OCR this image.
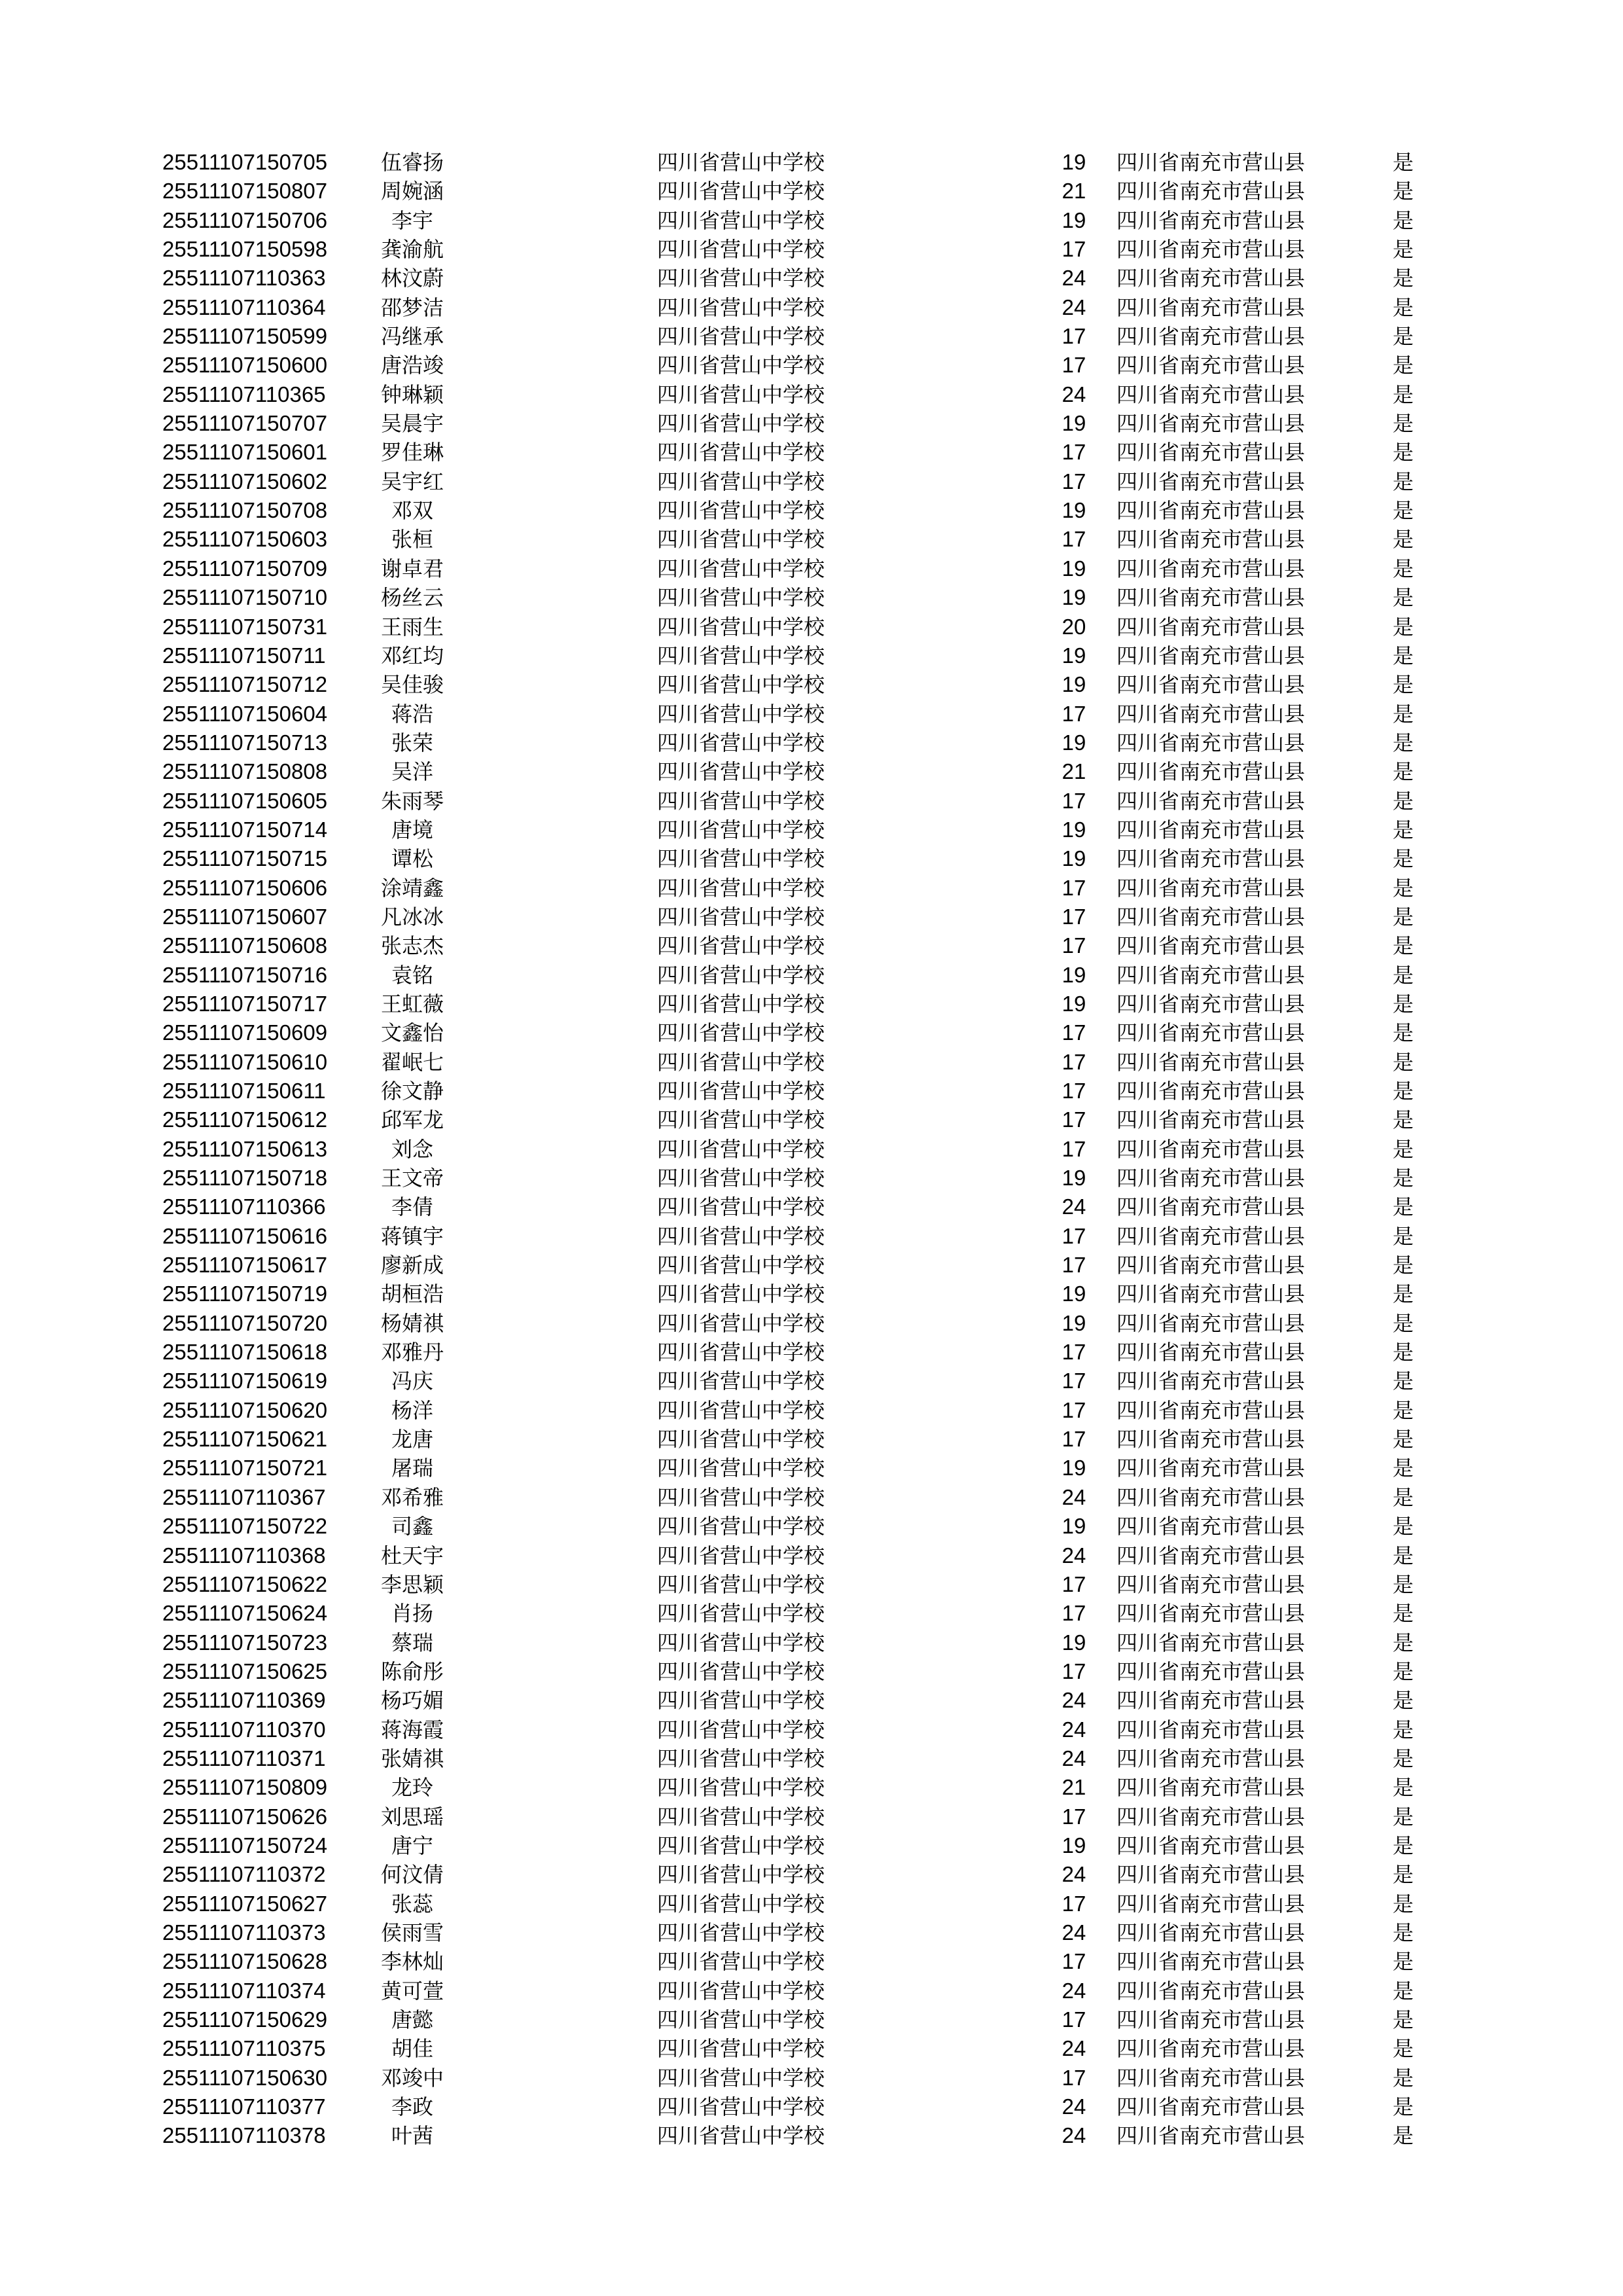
25511107150705	伍睿扬	四川省营山中学校	19	四川省南充市营山县	是
25511107150807	周婉涵	四川省营山中学校	21	四川省南充市营山县	是
25511107150706	李宇	四川省营山中学校	19	四川省南充市营山县	是
25511107150598	龚渝航	四川省营山中学校	17	四川省南充市营山县	是
25511107110363	林汶蔚	四川省营山中学校	24	四川省南充市营山县	是
25511107110364	邵梦洁	四川省营山中学校	24	四川省南充市营山县	是
25511107150599	冯继承	四川省营山中学校	17	四川省南充市营山县	是
25511107150600	唐浩竣	四川省营山中学校	17	四川省南充市营山县	是
25511107110365	钟琳颖	四川省营山中学校	24	四川省南充市营山县	是
25511107150707	吴晨宇	四川省营山中学校	19	四川省南充市营山县	是
25511107150601	罗佳琳	四川省营山中学校	17	四川省南充市营山县	是
25511107150602	吴宇红	四川省营山中学校	17	四川省南充市营山县	是
25511107150708	邓双	四川省营山中学校	19	四川省南充市营山县	是
25511107150603	张桓	四川省营山中学校	17	四川省南充市营山县	是
25511107150709	谢卓君	四川省营山中学校	19	四川省南充市营山县	是
25511107150710	杨丝云	四川省营山中学校	19	四川省南充市营山县	是
25511107150731	王雨生	四川省营山中学校	20	四川省南充市营山县	是
25511107150711	邓红均	四川省营山中学校	19	四川省南充市营山县	是
25511107150712	吴佳骏	四川省营山中学校	19	四川省南充市营山县	是
25511107150604	蒋浩	四川省营山中学校	17	四川省南充市营山县	是
25511107150713	张荣	四川省营山中学校	19	四川省南充市营山县	是
25511107150808	吴洋	四川省营山中学校	21	四川省南充市营山县	是
25511107150605	朱雨琴	四川省营山中学校	17	四川省南充市营山县	是
25511107150714	唐境	四川省营山中学校	19	四川省南充市营山县	是
25511107150715	谭松	四川省营山中学校	19	四川省南充市营山县	是
25511107150606	涂靖鑫	四川省营山中学校	17	四川省南充市营山县	是
25511107150607	凡冰冰	四川省营山中学校	17	四川省南充市营山县	是
25511107150608	张志杰	四川省营山中学校	17	四川省南充市营山县	是
25511107150716	袁铭	四川省营山中学校	19	四川省南充市营山县	是
25511107150717	王虹薇	四川省营山中学校	19	四川省南充市营山县	是
25511107150609	文鑫怡	四川省营山中学校	17	四川省南充市营山县	是
25511107150610	翟岷七	四川省营山中学校	17	四川省南充市营山县	是
25511107150611	徐文静	四川省营山中学校	17	四川省南充市营山县	是
25511107150612	邱军龙	四川省营山中学校	17	四川省南充市营山县	是
25511107150613	刘念	四川省营山中学校	17	四川省南充市营山县	是
25511107150718	王文帝	四川省营山中学校	19	四川省南充市营山县	是
25511107110366	李倩	四川省营山中学校	24	四川省南充市营山县	是
25511107150616	蒋镇宇	四川省营山中学校	17	四川省南充市营山县	是
25511107150617	廖新成	四川省营山中学校	17	四川省南充市营山县	是
25511107150719	胡桓浩	四川省营山中学校	19	四川省南充市营山县	是
25511107150720	杨婧祺	四川省营山中学校	19	四川省南充市营山县	是
25511107150618	邓雅丹	四川省营山中学校	17	四川省南充市营山县	是
25511107150619	冯庆	四川省营山中学校	17	四川省南充市营山县	是
25511107150620	杨洋	四川省营山中学校	17	四川省南充市营山县	是
25511107150621	龙唐	四川省营山中学校	17	四川省南充市营山县	是
25511107150721	屠瑞	四川省营山中学校	19	四川省南充市营山县	是
25511107110367	邓希雅	四川省营山中学校	24	四川省南充市营山县	是
25511107150722	司鑫	四川省营山中学校	19	四川省南充市营山县	是
25511107110368	杜天宇	四川省营山中学校	24	四川省南充市营山县	是
25511107150622	李思颖	四川省营山中学校	17	四川省南充市营山县	是
25511107150624	肖扬	四川省营山中学校	17	四川省南充市营山县	是
25511107150723	蔡瑞	四川省营山中学校	19	四川省南充市营山县	是
25511107150625	陈俞彤	四川省营山中学校	17	四川省南充市营山县	是
25511107110369	杨巧媚	四川省营山中学校	24	四川省南充市营山县	是
25511107110370	蒋海霞	四川省营山中学校	24	四川省南充市营山县	是
25511107110371	张婧祺	四川省营山中学校	24	四川省南充市营山县	是
25511107150809	龙玲	四川省营山中学校	21	四川省南充市营山县	是
25511107150626	刘思瑶	四川省营山中学校	17	四川省南充市营山县	是
25511107150724	唐宁	四川省营山中学校	19	四川省南充市营山县	是
25511107110372	何汶倩	四川省营山中学校	24	四川省南充市营山县	是
25511107150627	张蕊	四川省营山中学校	17	四川省南充市营山县	是
25511107110373	侯雨雪	四川省营山中学校	24	四川省南充市营山县	是
25511107150628	李林灿	四川省营山中学校	17	四川省南充市营山县	是
25511107110374	黄可萱	四川省营山中学校	24	四川省南充市营山县	是
25511107150629	唐懿	四川省营山中学校	17	四川省南充市营山县	是
25511107110375	胡佳	四川省营山中学校	24	四川省南充市营山县	是
25511107150630	邓竣中	四川省营山中学校	17	四川省南充市营山县	是
25511107110377	李政	四川省营山中学校	24	四川省南充市营山县	是
25511107110378	叶茜	四川省营山中学校	24	四川省南充市营山县	是
